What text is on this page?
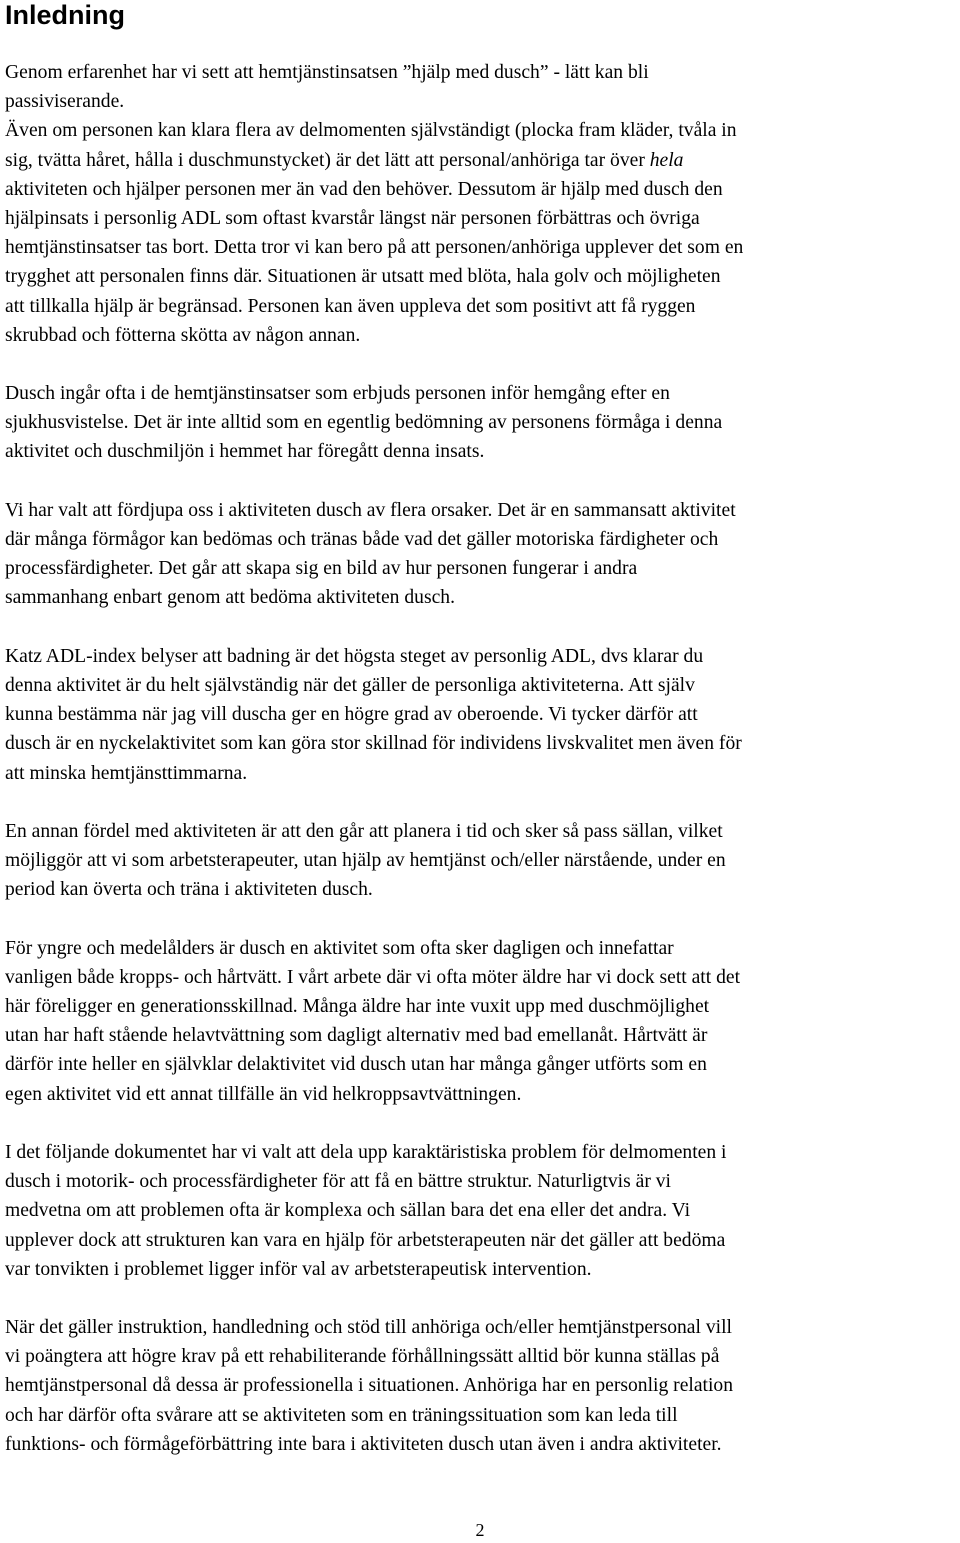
Inledning

Genom erfarenhet har vi sett att hemtjänstinsatsen ”hjälp med dusch” - lätt kan bli
passiviserande.
Även om personen kan klara flera av delmomenten självständigt (plocka fram kläder, tvåla in
sig, tvätta håret, hålla i duschmunstycket) är det lätt att personal/anhöriga tar över hela
aktiviteten och hjälper personen mer än vad den behöver. Dessutom är hjälp med dusch den
hjälpinsats i personlig ADL som oftast kvarstår längst när personen förbättras och övriga
hemtjänstinsatser tas bort. Detta tror vi kan bero på att personen/anhöriga upplever det som en
trygghet att personalen finns där. Situationen är utsatt med blöta, hala golv och möjligheten
att tillkalla hjälp är begränsad. Personen kan även uppleva det som positivt att få ryggen
skrubbad och fötterna skötta av någon annan.

Dusch ingår ofta i de hemtjänstinsatser som erbjuds personen inför hemgång efter en
sjukhusvistelse. Det är inte alltid som en egentlig bedömning av personens förmåga i denna
aktivitet och duschmiljön i hemmet har föregått denna insats.

Vi har valt att fördjupa oss i aktiviteten dusch av flera orsaker. Det är en sammansatt aktivitet
där många förmågor kan bedömas och tränas både vad det gäller motoriska färdigheter och
processfärdigheter. Det går att skapa sig en bild av hur personen fungerar i andra
sammanhang enbart genom att bedöma aktiviteten dusch.

Katz ADL-index belyser att badning är det högsta steget av personlig ADL, dvs klarar du
denna aktivitet är du helt självständig när det gäller de personliga aktiviteterna. Att själv
kunna bestämma när jag vill duscha ger en högre grad av oberoende. Vi tycker därför att
dusch är en nyckelaktivitet som kan göra stor skillnad för individens livskvalitet men även för
att minska hemtjänsttimmarna.

En annan fördel med aktiviteten är att den går att planera i tid och sker så pass sällan, vilket
möjliggör att vi som arbetsterapeuter, utan hjälp av hemtjänst och/eller närstående, under en
period kan överta och träna i aktiviteten dusch.

För yngre och medelålders är dusch en aktivitet som ofta sker dagligen och innefattar
vanligen både kropps- och hårtvätt. I vårt arbete där vi ofta möter äldre har vi dock sett att det
här föreligger en generationsskillnad. Många äldre har inte vuxit upp med duschmöjlighet
utan har haft stående helavtvättning som dagligt alternativ med bad emellanåt. Hårtvätt är
därför inte heller en självklar delaktivitet vid dusch utan har många gånger utförts som en
egen aktivitet vid ett annat tillfälle än vid helkroppsavtvättningen.

I det följande dokumentet har vi valt att dela upp karaktäristiska problem för delmomenten i
dusch i motorik- och processfärdigheter för att få en bättre struktur. Naturligtvis är vi
medvetna om att problemen ofta är komplexa och sällan bara det ena eller det andra. Vi
upplever dock att strukturen kan vara en hjälp för arbetsterapeuten när det gäller att bedöma
var tonvikten i problemet ligger inför val av arbetsterapeutisk intervention.

När det gäller instruktion, handledning och stöd till anhöriga och/eller hemtjänstpersonal vill
vi poängtera att högre krav på ett rehabiliterande förhållningssätt alltid bör kunna ställas på
hemtjänstpersonal då dessa är professionella i situationen. Anhöriga har en personlig relation
och har därför ofta svårare att se aktiviteten som en träningssituation som kan leda till
funktions- och förmågeförbättring inte bara i aktiviteten dusch utan även i andra aktiviteter.

2
